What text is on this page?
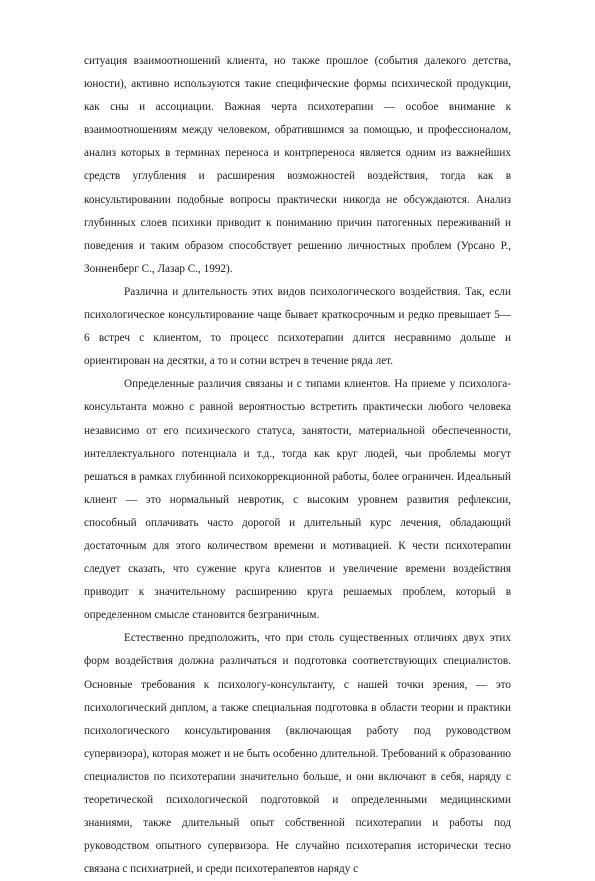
ситуация взаимоотношений клиента, но также прошлое (события далекого детства, юности), активно используются такие специфические формы психической продукции, как сны и ассоциации. Важная черта психотерапии — особое внимание к взаимоотношениям между человеком, обратившимся за помощью, и профессионалом, анализ которых в терминах переноса и контрпереноса является одним из важнейших средств углубления и расширения возможностей воздействия, тогда как в консультировании подобные вопросы практически никогда не обсуждаются. Анализ глубинных слоев психики приводит к пониманию причин патогенных переживаний и поведения и таким образом способствует решению личностных проблем (Урсано Р., Зонненберг С., Лазар С., 1992).

Различна и длительность этих видов психологического воздействия. Так, если психологическое консультирование чаще бывает краткосрочным и редко превышает 5—6 встреч с клиентом, то процесс психотерапии длится несравнимо дольше и ориентирован на десятки, а то и сотни встреч в течение ряда лет.

Определенные различия связаны и с типами клиентов. На приеме у психолога-консультанта можно с равной вероятностью встретить практически любого человека независимо от его психического статуса, занятости, материальной обеспеченности, интеллектуального потенциала и т.д., тогда как круг людей, чьи проблемы могут решаться в рамках глубинной психокоррекционной работы, более ограничен. Идеальный клиент — это нормальный невротик, с высоким уровнем развития рефлексии, способный оплачивать часто дорогой и длительный курс лечения, обладающий достаточным для этого количеством времени и мотивацией. К чести психотерапии следует сказать, что сужение круга клиентов и увеличение времени воздействия приводит к значительному расширению круга решаемых проблем, который в определенном смысле становится безграничным.

Естественно предположить, что при столь существенных отличиях двух этих форм воздействия должна различаться и подготовка соответствующих специалистов. Основные требования к психологу-консультанту, с нашей точки зрения, — это психологический диплом, а также специальная подготовка в области теории и практики психологического консультирования (включающая работу под руководством супервизора), которая может и не быть особенно длительной. Требований к образованию специалистов по психотерапии значительно больше, и они включают в себя, наряду с теоретической психологической подготовкой и определенными медицинскими знаниями, также длительный опыт собственной психотерапии и работы под руководством опытного супервизора. Не случайно психотерапия исторически тесно связана с психиатрией, и среди психотерапевтов наряду с
